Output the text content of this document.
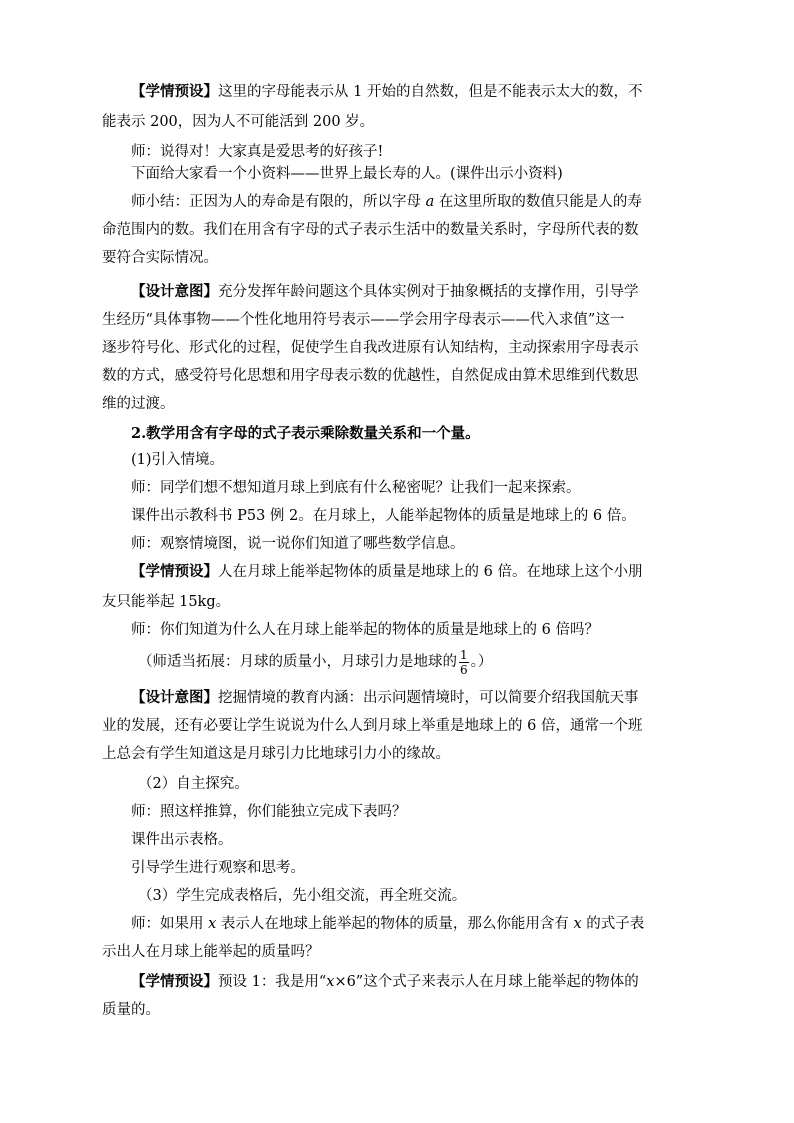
【学情预设】这里的字母能表示从 1 开始的自然数，但是不能表示太大的数，不

能表示 200，因为人不可能活到 200 岁。

师：说得对！大家真是爱思考的好孩子!

下面给大家看一个小资料——世界上最长寿的人。(课件出示小资料)

师小结：正因为人的寿命是有限的，所以字母 a 在这里所取的数值只能是人的寿

命范围内的数。我们在用含有字母的式子表示生活中的数量关系时，字母所代表的数

要符合实际情况。

【设计意图】充分发挥年龄问题这个具体实例对于抽象概括的支撑作用，引导学

生经历“具体事物——个性化地用符号表示——学会用字母表示——代入求值”这一

逐步符号化、形式化的过程，促使学生自我改进原有认知结构，主动探索用字母表示

数的方式，感受符号化思想和用字母表示数的优越性，自然促成由算术思维到代数思

维的过渡。

2.教学用含有字母的式子表示乘除数量关系和一个量。

(1)引入情境。

师：同学们想不想知道月球上到底有什么秘密呢？让我们一起来探索。

课件出示教科书 P53 例 2。在月球上，人能举起物体的质量是地球上的 6 倍。

师：观察情境图，说一说你们知道了哪些数学信息。

【学情预设】人在月球上能举起物体的质量是地球上的 6 倍。在地球上这个小朋

友只能举起 15kg。

师：你们知道为什么人在月球上能举起的物体的质量是地球上的 6 倍吗？

（师适当拓展：月球的质量小，月球引力是地球的 $\frac{1}{6}$ 。）

【设计意图】挖掘情境的教育内涵：出示问题情境时，可以简要介绍我国航天事

业的发展，还有必要让学生说说为什么人到月球上举重是地球上的 6 倍，通常一个班

上总会有学生知道这是月球引力比地球引力小的缘故。

（2）自主探究。

师：照这样推算，你们能独立完成下表吗？

课件出示表格。

引导学生进行观察和思考。

（3）学生完成表格后，先小组交流，再全班交流。

师：如果用 x 表示人在地球上能举起的物体的质量，那么你能用含有 x 的式子表

示出人在月球上能举起的质量吗？

【学情预设】预设 1：我是用“x×6”这个式子来表示人在月球上能举起的物体的

质量的。
